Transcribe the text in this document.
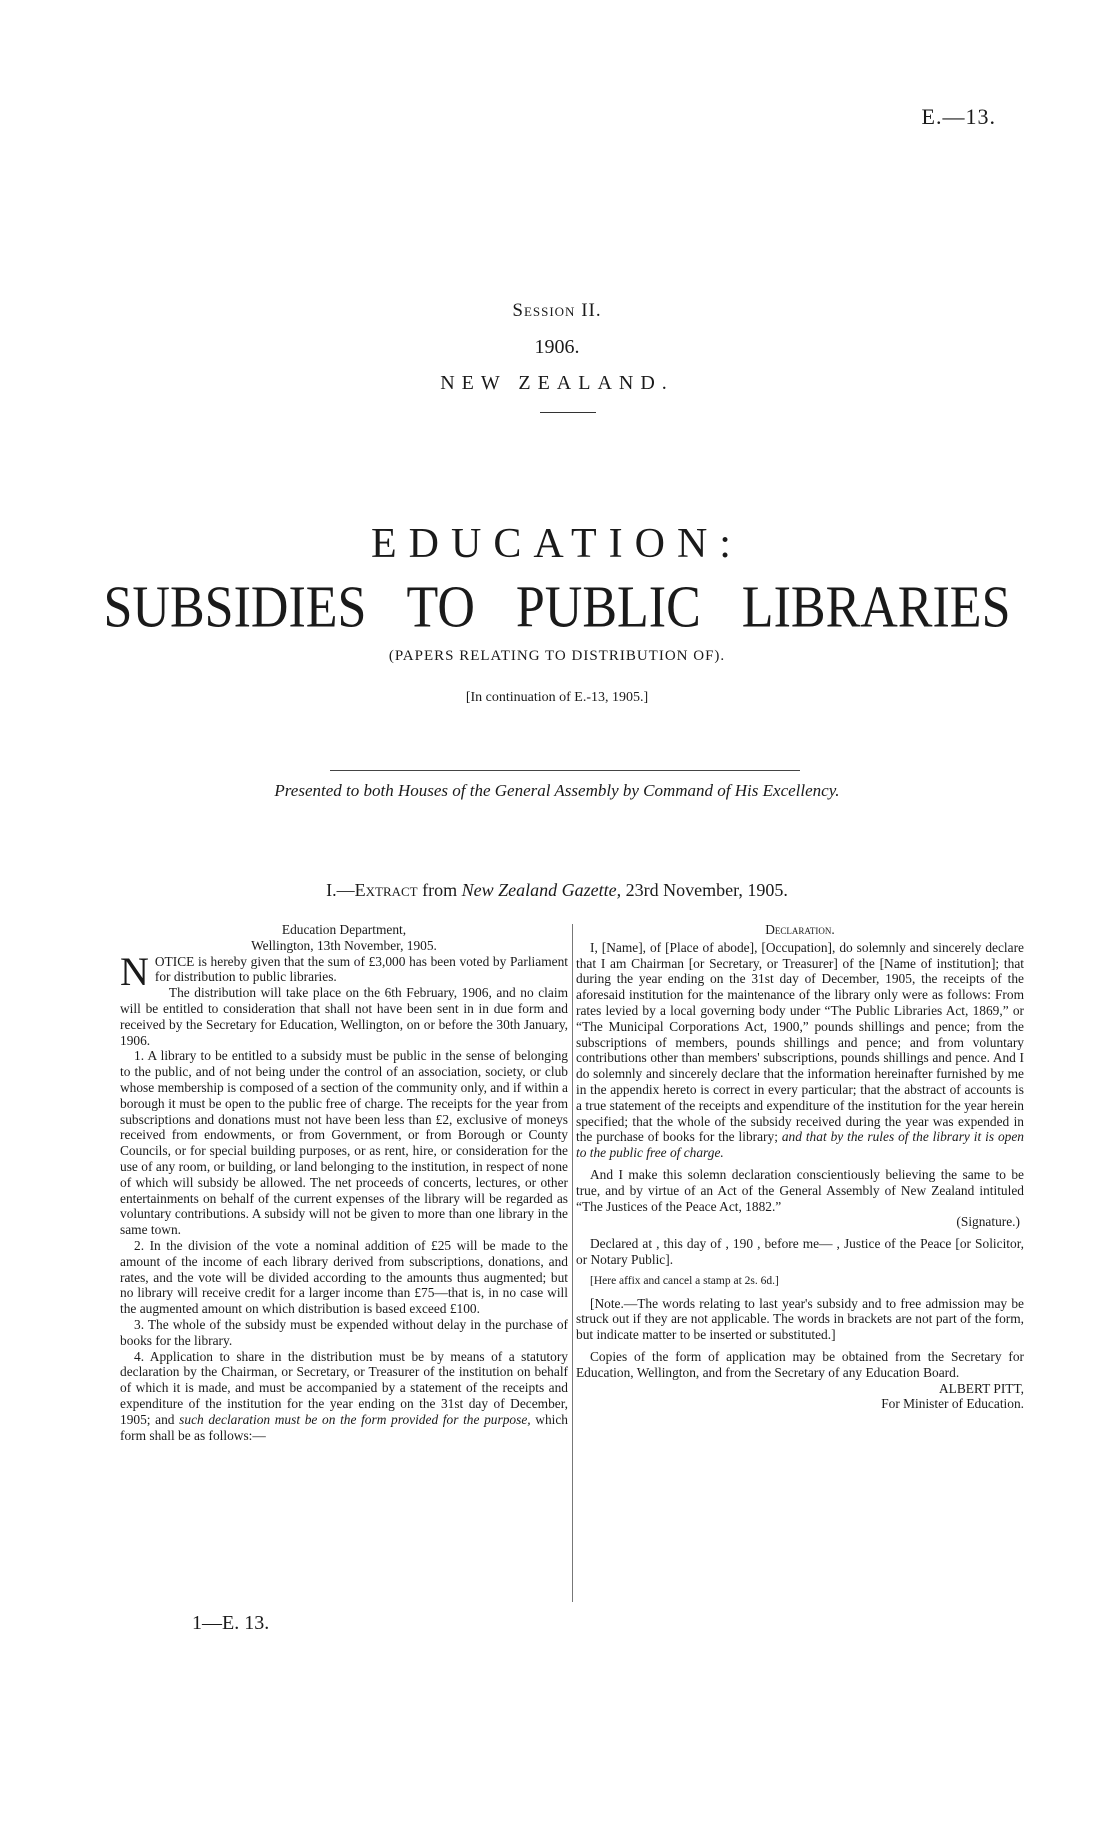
E.—13.
Session II.
1906.
NEW ZEALAND.
EDUCATION:
SUBSIDIES TO PUBLIC LIBRARIES
(PAPERS RELATING TO DISTRIBUTION OF).
[In continuation of E.-13, 1905.]
Presented to both Houses of the General Assembly by Command of His Excellency.
I.—Extract from New Zealand Gazette, 23rd November, 1905.

Education Department,

Wellington, 13th November, 1905.

NOTICE is hereby given that the sum of £3,000 has been voted by Parliament for distribution to public libraries.

The distribution will take place on the 6th February, 1906, and no claim will be entitled to consideration that shall not have been sent in in due form and received by the Secretary for Education, Wellington, on or before the 30th January, 1906.

1. A library to be entitled to a subsidy must be public in the sense of belonging to the public, and of not being under the control of an association, society, or club whose membership is composed of a section of the community only, and if within a borough it must be open to the public free of charge. The receipts for the year from subscriptions and donations must not have been less than £2, exclusive of moneys received from endowments, or from Government, or from Borough or County Councils, or for special building purposes, or as rent, hire, or consideration for the use of any room, or building, or land belonging to the institution, in respect of none of which will subsidy be allowed. The net proceeds of concerts, lectures, or other entertainments on behalf of the current expenses of the library will be regarded as voluntary contributions. A subsidy will not be given to more than one library in the same town.

2. In the division of the vote a nominal addition of £25 will be made to the amount of the income of each library derived from subscriptions, donations, and rates, and the vote will be divided according to the amounts thus augmented; but no library will receive credit for a larger income than £75—that is, in no case will the augmented amount on which distribution is based exceed £100.

3. The whole of the subsidy must be expended without delay in the purchase of books for the library.

4. Application to share in the distribution must be by means of a statutory declaration by the Chairman, or Secretary, or Treasurer of the institution on behalf of which it is made, and must be accompanied by a statement of the receipts and expenditure of the institution for the year ending on the 31st day of December, 1905; and such declaration must be on the form provided for the purpose, which form shall be as follows:—

Declaration.

I, [Name], of [Place of abode], [Occupation], do solemnly and sincerely declare that I am Chairman [or Secretary, or Treasurer] of the [Name of institution]; that during the year ending on the 31st day of December, 1905, the receipts of the aforesaid institution for the maintenance of the library only were as follows: From rates levied by a local governing body under “The Public Libraries Act, 1869,” or “The Municipal Corporations Act, 1900,” pounds shillings and pence; from the subscriptions of members, pounds shillings and pence; and from voluntary contributions other than members' subscriptions, pounds shillings and pence. And I do solemnly and sincerely declare that the information hereinafter furnished by me in the appendix hereto is correct in every particular; that the abstract of accounts is a true statement of the receipts and expenditure of the institution for the year herein specified; that the whole of the subsidy received during the year was expended in the purchase of books for the library; and that by the rules of the library it is open to the public free of charge.

And I make this solemn declaration conscientiously believing the same to be true, and by virtue of an Act of the General Assembly of New Zealand intituled “The Justices of the Peace Act, 1882.”

(Signature.)

Declared at , this day of , 190 , before me— , Justice of the Peace [or Solicitor, or Notary Public].

[Here affix and cancel a stamp at 2s. 6d.]

[Note.—The words relating to last year's subsidy and to free admission may be struck out if they are not applicable. The words in brackets are not part of the form, but indicate matter to be inserted or substituted.]

Copies of the form of application may be obtained from the Secretary for Education, Wellington, and from the Secretary of any Education Board.

ALBERT PITT,

For Minister of Education.

1—E. 13.
